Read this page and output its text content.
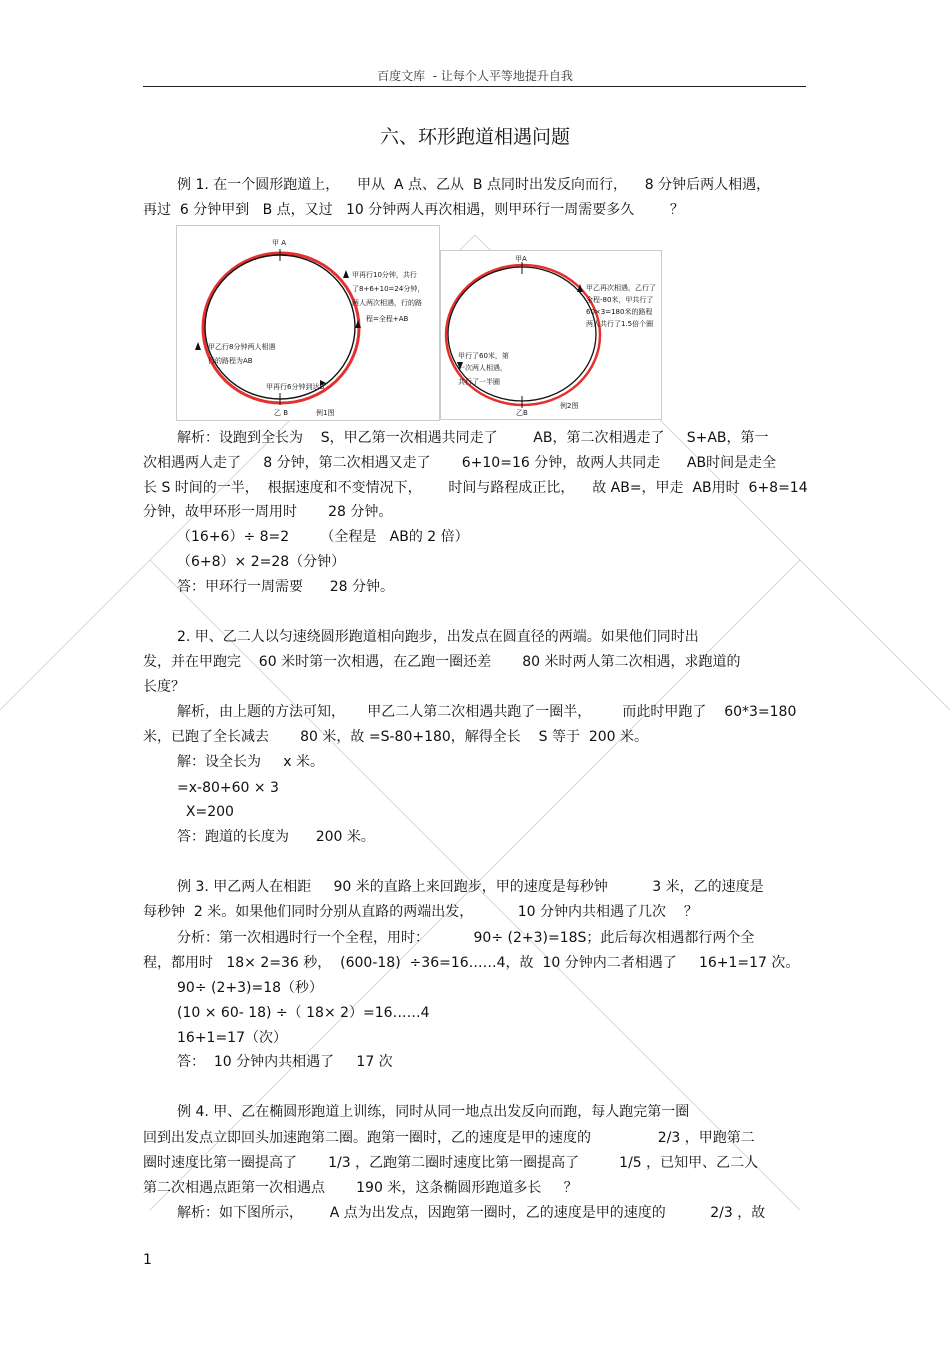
百度文库  - 让每个人平等地提升自我
六、环形跑道相遇问题
例 1. 在一个圆形跑道上，    甲从  A 点、乙从  B 点同时出发反向而行，    8 分钟后两人相遇，
再过  6 分钟甲到   B 点，又过   10 分钟两人再次相遇，则甲环行一周需要多久        ？
甲 A
甲再行10分钟，共行
了8+6+10=24分钟，
两人两次相遇，行的路
程=全程+AB
甲乙行8分钟两人相遇
行的路程为AB
甲再行6分钟到达B
乙 B	例1图
甲A
甲乙再次相遇，乙行了
全程-80米，甲共行了
60×3=180米的路程
两人共行了1.5倍个圈
甲行了60米，第
一次两人相遇，
共行了一半圈
乙B
例2图
解析：设跑到全长为    S，甲乙第一次相遇共同走了        AB，第二次相遇走了     S+AB，第一
次相遇两人走了     8 分钟，第二次相遇又走了       6+10=16 分钟，故两人共同走      AB时间是走全
长 S 时间的一半，  根据速度和不变情况下，      时间与路程成正比，    故 AB=，甲走  AB用时  6+8=14
分钟，故甲环形一周用时       28 分钟。
（16+6）÷ 8=2       （全程是   AB的 2 倍）
（6+8）× 2=28（分钟）
答：甲环行一周需要      28 分钟。
2. 甲、乙二人以匀速绕圆形跑道相向跑步，出发点在圆直径的两端。如果他们同时出
发，并在甲跑完    60 米时第一次相遇，在乙跑一圈还差       80 米时两人第二次相遇，求跑道的
长度？
解析，由上题的方法可知，     甲乙二人第二次相遇共跑了一圈半，       而此时甲跑了    60*3=180
米，已跑了全长减去       80 米，故 =S-80+180，解得全长    S 等于  200 米。
解：设全长为     x 米。
=x-80+60 × 3
X=200
答：跑道的长度为      200 米。
例 3. 甲乙两人在相距     90 米的直路上来回跑步，甲的速度是每秒钟          3 米，乙的速度是
每秒钟  2 米。如果他们同时分别从直路的两端出发，          10 分钟内共相遇了几次    ？
分析：第一次相遇时行一个全程，用时：          90÷ (2+3)=18S；此后每次相遇都行两个全
程，都用时   18× 2=36 秒，  (600-18)  ÷36=16……4，故  10 分钟内二者相遇了     16+1=17 次。
90÷ (2+3)=18（秒）
(10 × 60- 18) ÷（ 18× 2）=16……4
16+1=17（次）
答：  10 分钟内共相遇了     17 次
例 4. 甲、乙在椭圆形跑道上训练，同时从同一地点出发反向而跑，每人跑完第一圈
回到出发点立即回头加速跑第二圈。跑第一圈时，乙的速度是甲的速度的               2/3 ，甲跑第二
圈时速度比第一圈提高了       1/3 ，乙跑第二圈时速度比第一圈提高了         1/5 ，已知甲、乙二人
第二次相遇点距第一次相遇点       190 米，这条椭圆形跑道多长     ？
解析：如下图所示，      A 点为出发点，因跑第一圈时，乙的速度是甲的速度的          2/3 ，故
1
